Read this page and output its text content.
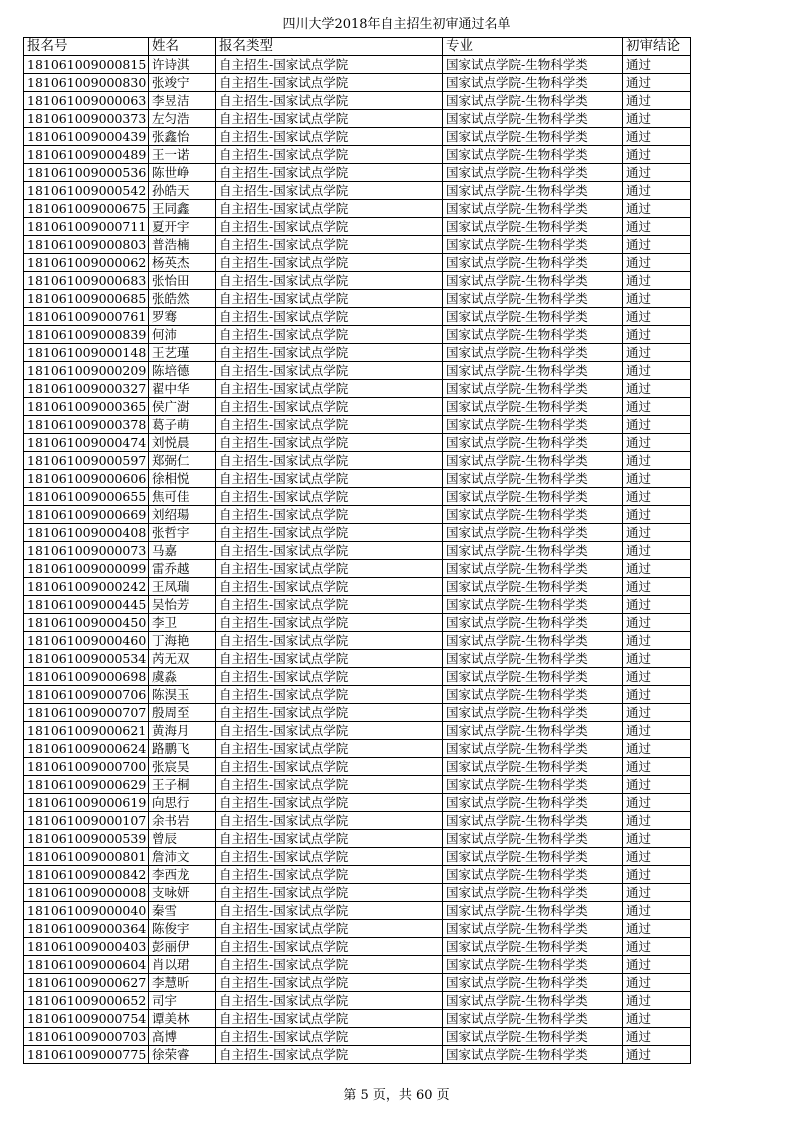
四川大学2018年自主招生初审通过名单
报名号	姓名	报名类型	专业	初审结论
181061009000815	许诗淇	自主招生-国家试点学院	国家试点学院-生物科学类	通过
181061009000830	张竣宁	自主招生-国家试点学院	国家试点学院-生物科学类	通过
181061009000063	李昱洁	自主招生-国家试点学院	国家试点学院-生物科学类	通过
181061009000373	左匀浩	自主招生-国家试点学院	国家试点学院-生物科学类	通过
181061009000439	张鑫怡	自主招生-国家试点学院	国家试点学院-生物科学类	通过
181061009000489	王一诺	自主招生-国家试点学院	国家试点学院-生物科学类	通过
181061009000536	陈世峥	自主招生-国家试点学院	国家试点学院-生物科学类	通过
181061009000542	孙皓天	自主招生-国家试点学院	国家试点学院-生物科学类	通过
181061009000675	王同鑫	自主招生-国家试点学院	国家试点学院-生物科学类	通过
181061009000711	夏开宇	自主招生-国家试点学院	国家试点学院-生物科学类	通过
181061009000803	普浩楠	自主招生-国家试点学院	国家试点学院-生物科学类	通过
181061009000062	杨英杰	自主招生-国家试点学院	国家试点学院-生物科学类	通过
181061009000683	张怡田	自主招生-国家试点学院	国家试点学院-生物科学类	通过
181061009000685	张皓然	自主招生-国家试点学院	国家试点学院-生物科学类	通过
181061009000761	罗骞	自主招生-国家试点学院	国家试点学院-生物科学类	通过
181061009000839	何沛	自主招生-国家试点学院	国家试点学院-生物科学类	通过
181061009000148	王艺瑾	自主招生-国家试点学院	国家试点学院-生物科学类	通过
181061009000209	陈培德	自主招生-国家试点学院	国家试点学院-生物科学类	通过
181061009000327	翟中华	自主招生-国家试点学院	国家试点学院-生物科学类	通过
181061009000365	侯广澍	自主招生-国家试点学院	国家试点学院-生物科学类	通过
181061009000378	葛子萌	自主招生-国家试点学院	国家试点学院-生物科学类	通过
181061009000474	刘悦晨	自主招生-国家试点学院	国家试点学院-生物科学类	通过
181061009000597	郑弼仁	自主招生-国家试点学院	国家试点学院-生物科学类	通过
181061009000606	徐相悦	自主招生-国家试点学院	国家试点学院-生物科学类	通过
181061009000655	焦可佳	自主招生-国家试点学院	国家试点学院-生物科学类	通过
181061009000669	刘绍瑒	自主招生-国家试点学院	国家试点学院-生物科学类	通过
181061009000408	张哲宇	自主招生-国家试点学院	国家试点学院-生物科学类	通过
181061009000073	马嘉	自主招生-国家试点学院	国家试点学院-生物科学类	通过
181061009000099	雷乔越	自主招生-国家试点学院	国家试点学院-生物科学类	通过
181061009000242	王凤瑞	自主招生-国家试点学院	国家试点学院-生物科学类	通过
181061009000445	吴怡芳	自主招生-国家试点学院	国家试点学院-生物科学类	通过
181061009000450	李卫	自主招生-国家试点学院	国家试点学院-生物科学类	通过
181061009000460	丁海艳	自主招生-国家试点学院	国家试点学院-生物科学类	通过
181061009000534	芮无双	自主招生-国家试点学院	国家试点学院-生物科学类	通过
181061009000698	虞淼	自主招生-国家试点学院	国家试点学院-生物科学类	通过
181061009000706	陈淏玉	自主招生-国家试点学院	国家试点学院-生物科学类	通过
181061009000707	殷周至	自主招生-国家试点学院	国家试点学院-生物科学类	通过
181061009000621	黄海月	自主招生-国家试点学院	国家试点学院-生物科学类	通过
181061009000624	路鹏飞	自主招生-国家试点学院	国家试点学院-生物科学类	通过
181061009000700	张宸昊	自主招生-国家试点学院	国家试点学院-生物科学类	通过
181061009000629	王子桐	自主招生-国家试点学院	国家试点学院-生物科学类	通过
181061009000619	向思行	自主招生-国家试点学院	国家试点学院-生物科学类	通过
181061009000107	余书岩	自主招生-国家试点学院	国家试点学院-生物科学类	通过
181061009000539	曾辰	自主招生-国家试点学院	国家试点学院-生物科学类	通过
181061009000801	詹沛文	自主招生-国家试点学院	国家试点学院-生物科学类	通过
181061009000842	李西龙	自主招生-国家试点学院	国家试点学院-生物科学类	通过
181061009000008	支咏妍	自主招生-国家试点学院	国家试点学院-生物科学类	通过
181061009000040	秦雪	自主招生-国家试点学院	国家试点学院-生物科学类	通过
181061009000364	陈俊宇	自主招生-国家试点学院	国家试点学院-生物科学类	通过
181061009000403	彭丽伊	自主招生-国家试点学院	国家试点学院-生物科学类	通过
181061009000604	肖以珺	自主招生-国家试点学院	国家试点学院-生物科学类	通过
181061009000627	李慧昕	自主招生-国家试点学院	国家试点学院-生物科学类	通过
181061009000652	司宇	自主招生-国家试点学院	国家试点学院-生物科学类	通过
181061009000754	谭美林	自主招生-国家试点学院	国家试点学院-生物科学类	通过
181061009000703	高博	自主招生-国家试点学院	国家试点学院-生物科学类	通过
181061009000775	徐荣睿	自主招生-国家试点学院	国家试点学院-生物科学类	通过
第 5 页，共 60 页
